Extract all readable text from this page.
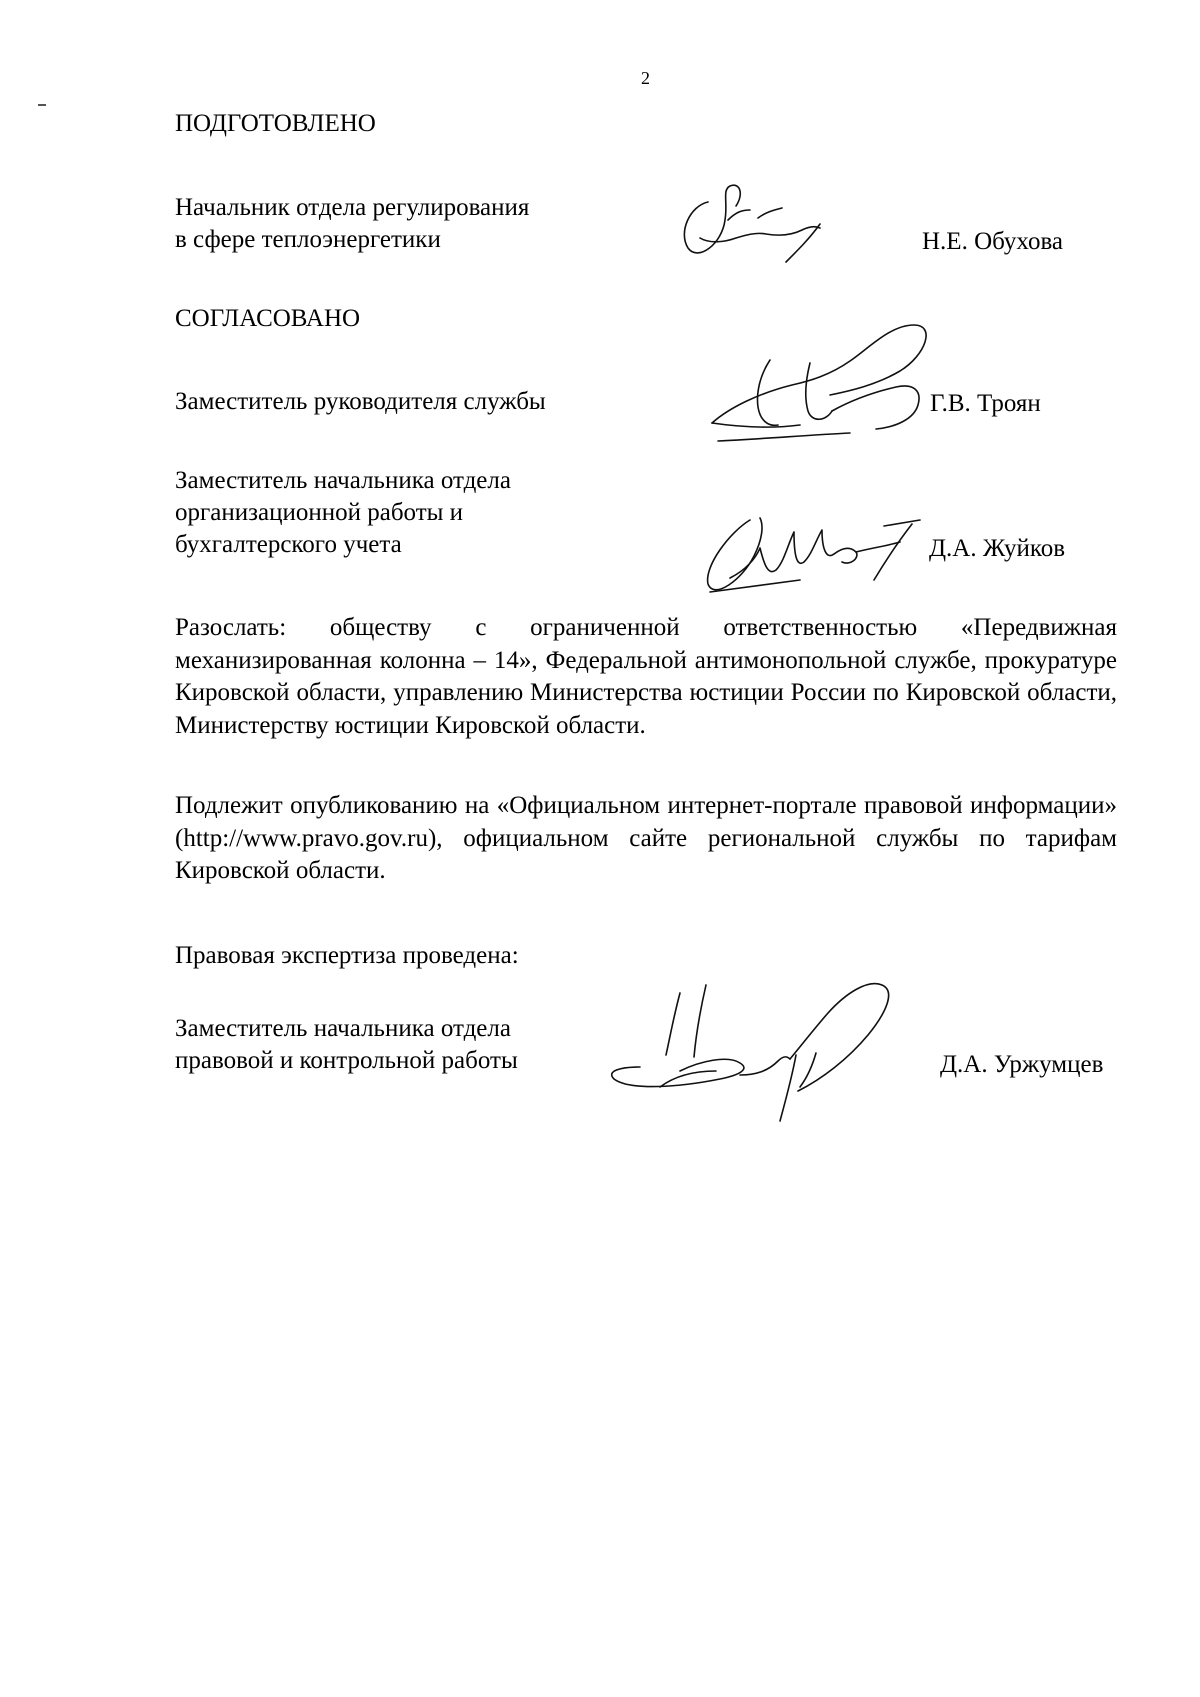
2
ПОДГОТОВЛЕНО
Начальник отдела регулирования
в сфере теплоэнергетики	Н.Е. Обухова
СОГЛАСОВАНО
Заместитель руководителя службы	Г.В. Троян
Заместитель начальника отдела
организационной работы и
бухгалтерского учета	Д.А. Жуйков
Разослать: обществу с ограниченной ответственностью «Передвижная механизированная колонна – 14», Федеральной антимонопольной службе, прокуратуре Кировской области, управлению Министерства юстиции России по Кировской области, Министерству юстиции Кировской области.
Подлежит опубликованию на «Официальном интернет-портале правовой информации» (http://www.pravo.gov.ru), официальном сайте региональной службы по тарифам Кировской области.
Правовая экспертиза проведена:
Заместитель начальника отдела
правовой и контрольной работы	Д.А. Уржумцев
